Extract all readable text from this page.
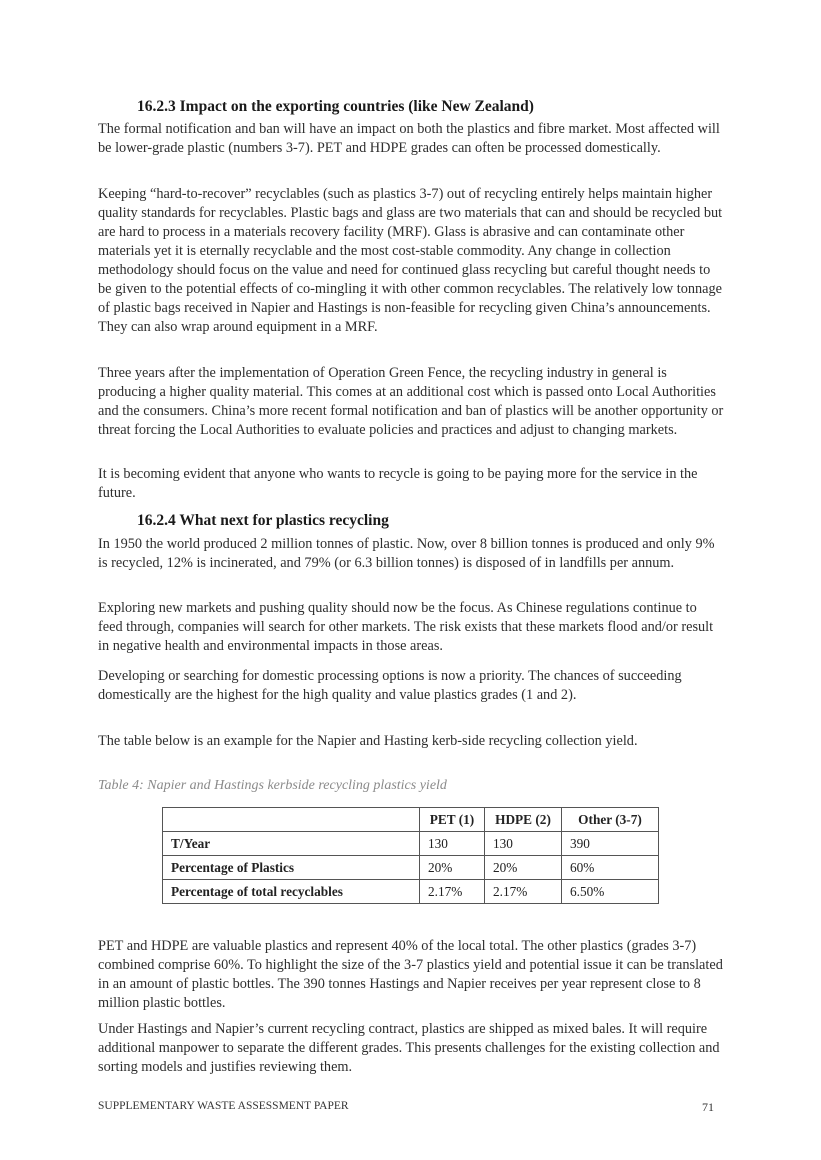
16.2.3 Impact on the exporting countries (like New Zealand)

The formal notification and ban will have an impact on both the plastics and fibre market. Most affected will be lower-grade plastic (numbers 3-7). PET and HDPE grades can often be processed domestically.

Keeping “hard-to-recover” recyclables (such as plastics 3-7) out of recycling entirely helps maintain higher quality standards for recyclables. Plastic bags and glass are two materials that can and should be recycled but are hard to process in a materials recovery facility (MRF). Glass is abrasive and can contaminate other materials yet it is eternally recyclable and the most cost-stable commodity. Any change in collection methodology should focus on the value and need for continued glass recycling but careful thought needs to be given to the potential effects of co-mingling it with other common recyclables. The relatively low tonnage of plastic bags received in Napier and Hastings is non-feasible for recycling given China’s announcements. They can also wrap around equipment in a MRF.

Three years after the implementation of Operation Green Fence, the recycling industry in general is producing a higher quality material. This comes at an additional cost which is passed onto Local Authorities and the consumers. China’s more recent formal notification and ban of plastics will be another opportunity or threat forcing the Local Authorities to evaluate policies and practices and adjust to changing markets.

It is becoming evident that anyone who wants to recycle is going to be paying more for the service in the future.

16.2.4 What next for plastics recycling

In 1950 the world produced 2 million tonnes of plastic. Now, over 8 billion tonnes is produced and only 9% is recycled, 12% is incinerated, and 79% (or 6.3 billion tonnes) is disposed of in landfills per annum.

Exploring new markets and pushing quality should now be the focus. As Chinese regulations continue to feed through, companies will search for other markets. The risk exists that these markets flood and/or result in negative health and environmental impacts in those areas.

Developing or searching for domestic processing options is now a priority. The chances of succeeding domestically are the highest for the high quality and value plastics grades (1 and 2).

The table below is an example for the Napier and Hasting kerb-side recycling collection yield.

Table 4: Napier and Hastings kerbside recycling plastics yield

	PET (1)	HDPE (2)	Other (3-7)
T/Year	130	130	390
Percentage of Plastics	20%	20%	60%
Percentage of total recyclables	2.17%	2.17%	6.50%

PET and HDPE are valuable plastics and represent 40% of the local total. The other plastics (grades 3-7) combined comprise 60%. To highlight the size of the 3-7 plastics yield and potential issue it can be translated in an amount of plastic bottles. The 390 tonnes Hastings and Napier receives per year represent close to 8 million plastic bottles.

Under Hastings and Napier’s current recycling contract, plastics are shipped as mixed bales. It will require additional manpower to separate the different grades. This presents challenges for the existing collection and sorting models and justifies reviewing them.

SUPPLEMENTARY WASTE ASSESSMENT PAPER	71
